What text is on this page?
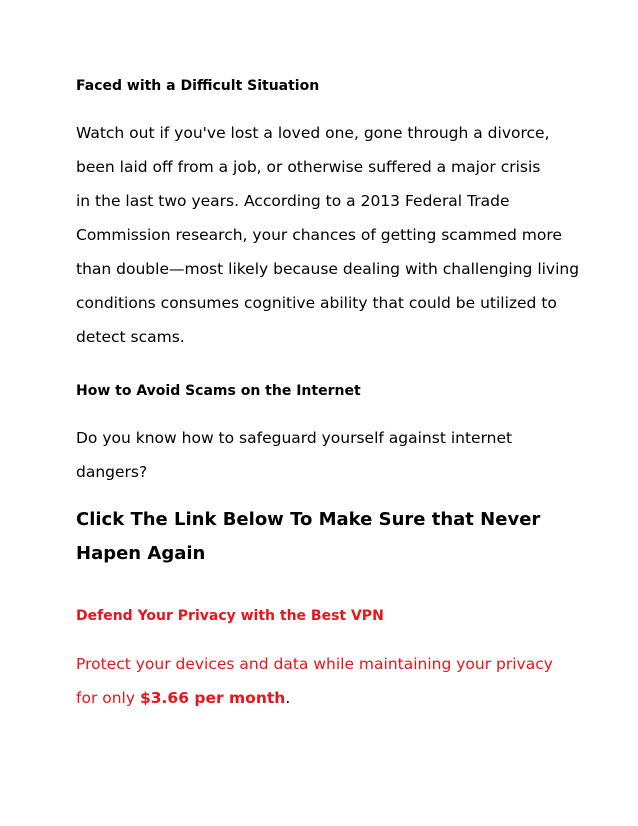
Faced with a Difficult Situation
Watch out if you've lost a loved one, gone through a divorce,
been laid off from a job, or otherwise suffered a major crisis
in the last two years. According to a 2013 Federal Trade
Commission research, your chances of getting scammed more
than double—most likely because dealing with challenging living
conditions consumes cognitive ability that could be utilized to
detect scams.
How to Avoid Scams on the Internet
Do you know how to safeguard yourself against internet
dangers?
Click The Link Below To Make Sure that Never
Hapen Again
Defend Your Privacy with the Best VPN
Protect your devices and data while maintaining your privacy
for only $3.66 per month.
